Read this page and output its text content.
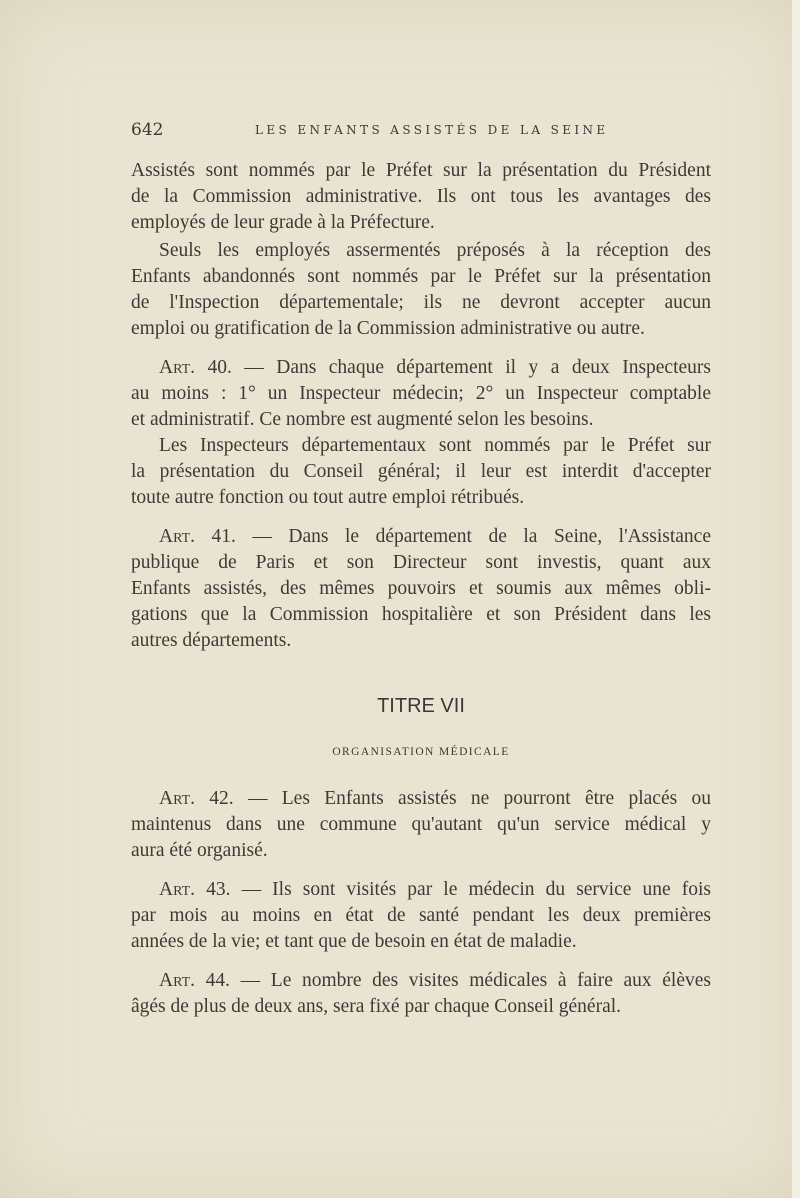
642	LES ENFANTS ASSISTÉS DE LA SEINE
Assistés sont nommés par le Préfet sur la présentation du Président
de la Commission administrative. Ils ont tous les avantages des
employés de leur grade à la Préfecture.
Seuls les employés assermentés préposés à la réception des
Enfants abandonnés sont nommés par le Préfet sur la présentation
de l'Inspection départementale; ils ne devront accepter aucun
emploi ou gratification de la Commission administrative ou autre.
Art. 40. — Dans chaque département il y a deux Inspecteurs
au moins : 1° un Inspecteur médecin; 2° un Inspecteur comptable
et administratif. Ce nombre est augmenté selon les besoins.
Les Inspecteurs départementaux sont nommés par le Préfet sur
la présentation du Conseil général; il leur est interdit d'accepter
toute autre fonction ou tout autre emploi rétribués.
Art. 41. — Dans le département de la Seine, l'Assistance
publique de Paris et son Directeur sont investis, quant aux
Enfants assistés, des mêmes pouvoirs et soumis aux mêmes obli-
gations que la Commission hospitalière et son Président dans les
autres départements.
TITRE VII
ORGANISATION MÉDICALE
Art. 42. — Les Enfants assistés ne pourront être placés ou
maintenus dans une commune qu'autant qu'un service médical y
aura été organisé.
Art. 43. — Ils sont visités par le médecin du service une fois
par mois au moins en état de santé pendant les deux premières
années de la vie; et tant que de besoin en état de maladie.
Art. 44. — Le nombre des visites médicales à faire aux élèves
âgés de plus de deux ans, sera fixé par chaque Conseil général.
